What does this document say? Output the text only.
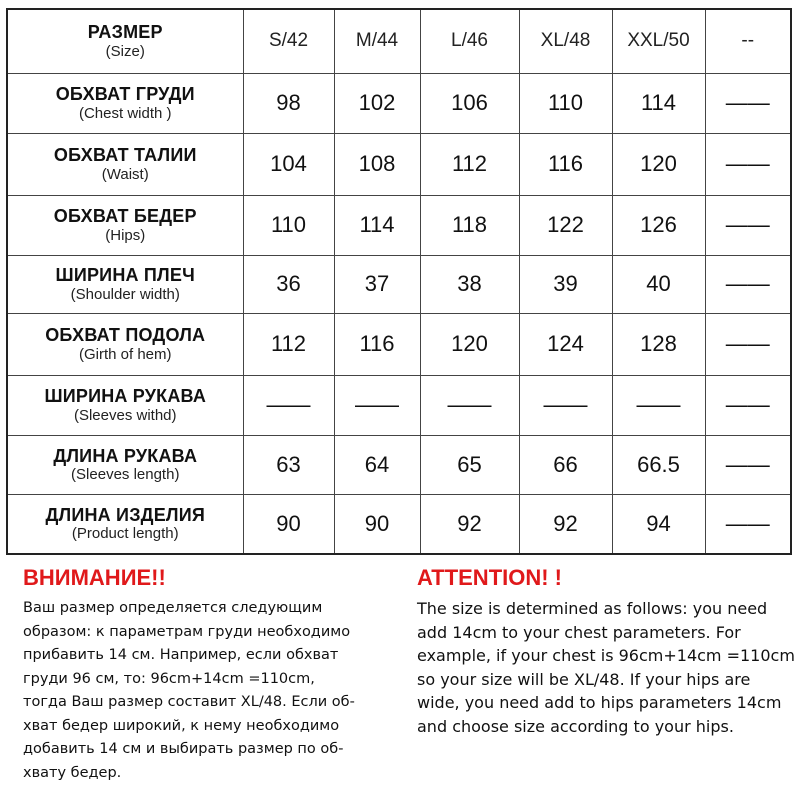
РАЗМЕР
(Size)	S/42	M/44	L/46	XL/48	XXL/50	--

ОБХВАТ ГРУДИ
(Chest width )	98	102	106	110	114	——

ОБХВАТ ТАЛИИ
(Waist)	104	108	112	116	120	——

ОБХВАТ БЕДЕР
(Hips)	110	114	118	122	126	——

ШИРИНА ПЛЕЧ
(Shoulder width)	36	37	38	39	40	——

ОБХВАТ ПОДОЛА
(Girth of hem)	112	116	120	124	128	——

ШИРИНА РУКАВА
(Sleeves withd)	——	——	——	——	——	——

ДЛИНА РУКАВА
(Sleeves length)	63	64	65	66	66.5	——

ДЛИНА ИЗДЕЛИЯ
(Product length)	90	90	92	92	94	——
ВНИМАНИЕ!!
Ваш размер определяется следующим
образом: к параметрам груди необходимо
прибавить 14 см. Например, если обхват
груди 96 см, то: 96cm+14cm =110cm,
тогда Ваш размер составит XL/48. Если об-
хват бедер широкий, к нему необходимо
добавить 14 см и выбирать размер по об-
хвату бедер.
ATTENTION! !
The size is determined as follows: you need
add 14cm to your chest parameters. For
example, if your chest is 96cm+14cm =110cm
so your size will be XL/48. If your hips are
wide, you need add to hips parameters 14cm
and choose size according to your hips.
